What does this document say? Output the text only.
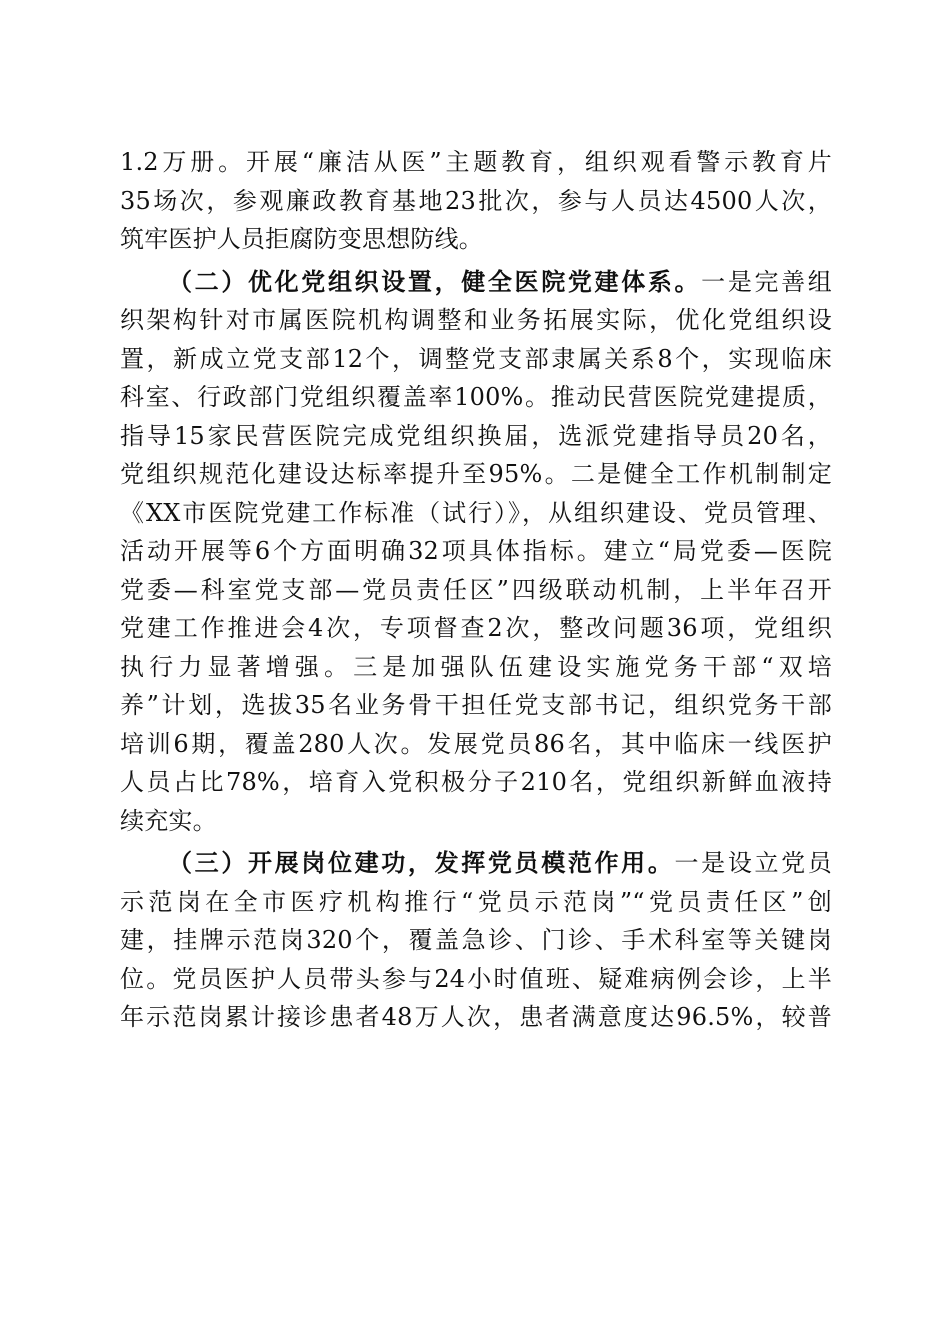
1.2万册。开展“廉洁从医”主题教育，组织观看警示教育片
35场次，参观廉政教育基地23批次，参与人员达4500人次，
筑牢医护人员拒腐防变思想防线。
（二）优化党组织设置，健全医院党建体系。一是完善组
织架构针对市属医院机构调整和业务拓展实际，优化党组织设
置，新成立党支部12个，调整党支部隶属关系8个，实现临床
科室、行政部门党组织覆盖率100%。推动民营医院党建提质，
指导15家民营医院完成党组织换届，选派党建指导员20名，
党组织规范化建设达标率提升至95%。二是健全工作机制制定
《XX市医院党建工作标准（试行）》，从组织建设、党员管理、
活动开展等6个方面明确32项具体指标。建立“局党委—医院
党委—科室党支部—党员责任区”四级联动机制，上半年召开
党建工作推进会4次，专项督查2次，整改问题36项，党组织
执行力显著增强。三是加强队伍建设实施党务干部“双培
养”计划，选拔35名业务骨干担任党支部书记，组织党务干部
培训6期，覆盖280人次。发展党员86名，其中临床一线医护
人员占比78%，培育入党积极分子210名，党组织新鲜血液持
续充实。
（三）开展岗位建功，发挥党员模范作用。一是设立党员
示范岗在全市医疗机构推行“党员示范岗”“党员责任区”创
建，挂牌示范岗320个，覆盖急诊、门诊、手术科室等关键岗
位。党员医护人员带头参与24小时值班、疑难病例会诊，上半
年示范岗累计接诊患者48万人次，患者满意度达96.5%，较普
